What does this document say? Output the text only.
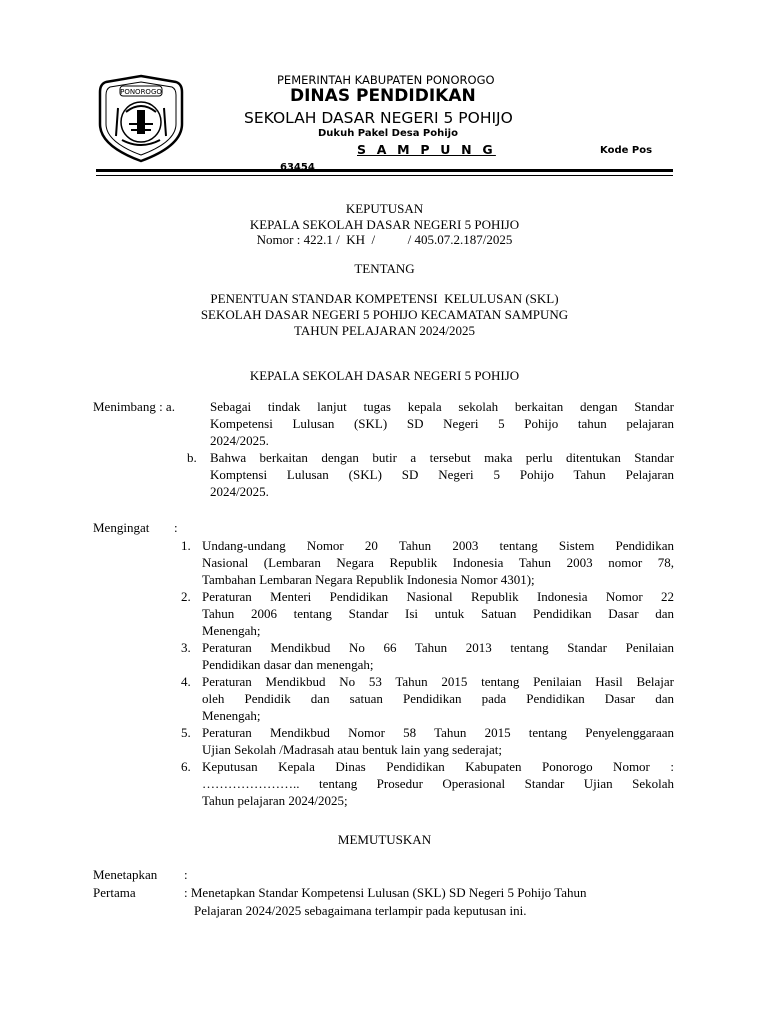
PONOROGO
PEMERINTAH KABUPATEN PONOROGO
DINAS PENDIDIKAN
SEKOLAH DASAR NEGERI 5 POHIJO
Dukuh Pakel Desa Pohijo
S A M P U N G	Kode Pos
63454
KEPUTUSAN
KEPALA SEKOLAH DASAR NEGERI 5 POHIJO
Nomor : 422.1 /  KH  /          / 405.07.2.187/2025
TENTANG
PENENTUAN STANDAR KOMPETENSI  KELULUSAN (SKL)
SEKOLAH DASAR NEGERI 5 POHIJO KECAMATAN SAMPUNG
TAHUN PELAJARAN 2024/2025
KEPALA SEKOLAH DASAR NEGERI 5 POHIJO
Menimbang : a.
b.
Sebagai tindak lanjut tugas kepala sekolah berkaitan dengan Standar
Kompetensi Lulusan (SKL) SD Negeri 5 Pohijo tahun pelajaran
2024/2025.
Bahwa berkaitan dengan butir a tersebut maka perlu ditentukan Standar
Komptensi Lulusan (SKL) SD Negeri 5 Pohijo Tahun Pelajaran
2024/2025.
Mengingat :
1. Undang-undang Nomor 20 Tahun 2003 tentang Sistem Pendidikan
Nasional (Lembaran Negara Republik Indonesia Tahun 2003 nomor 78,
Tambahan Lembaran Negara Republik Indonesia Nomor 4301);
2. Peraturan Menteri Pendidikan Nasional Republik Indonesia Nomor 22
Tahun 2006 tentang Standar Isi untuk Satuan Pendidikan Dasar dan
Menengah;
3. Peraturan Mendikbud No 66 Tahun 2013 tentang Standar Penilaian
Pendidikan dasar dan menengah;
4. Peraturan Mendikbud No 53 Tahun 2015 tentang Penilaian Hasil Belajar
oleh Pendidik dan satuan Pendidikan pada Pendidikan Dasar dan
Menengah;
5. Peraturan Mendikbud Nomor 58 Tahun 2015 tentang Penyelenggaraan
Ujian Sekolah /Madrasah atau bentuk lain yang sederajat;
6. Keputusan Kepala Dinas Pendidikan Kabupaten Ponorogo Nomor :
………………….. tentang Prosedur Operasional Standar Ujian Sekolah
Tahun pelajaran 2024/2025;
MEMUTUSKAN
Menetapkan :
Pertama	: Menetapkan Standar Kompetensi Lulusan (SKL) SD Negeri 5 Pohijo Tahun
Pelajaran 2024/2025 sebagaimana terlampir pada keputusan ini.
